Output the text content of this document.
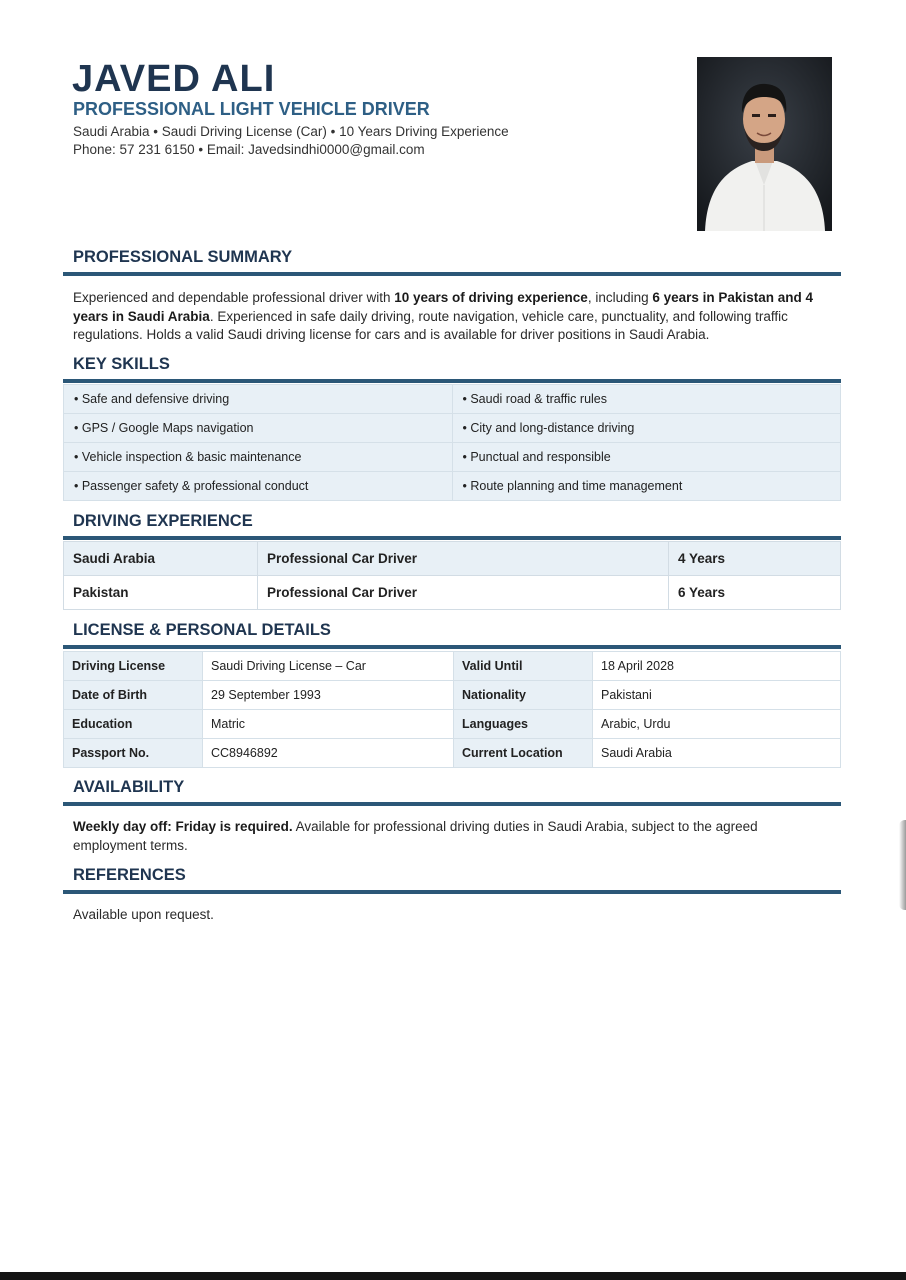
JAVED ALI
PROFESSIONAL LIGHT VEHICLE DRIVER
Saudi Arabia • Saudi Driving License (Car) • 10 Years Driving Experience
Phone: 57 231 6150 • Email: Javedsindhi0000@gmail.com
PROFESSIONAL SUMMARY
Experienced and dependable professional driver with 10 years of driving experience, including 6 years in Pakistan and 4 years in Saudi Arabia. Experienced in safe daily driving, route navigation, vehicle care, punctuality, and following traffic regulations. Holds a valid Saudi driving license for cars and is available for driver positions in Saudi Arabia.
KEY SKILLS
• Safe and defensive driving	• Saudi road & traffic rules
• GPS / Google Maps navigation	• City and long-distance driving
• Vehicle inspection & basic maintenance	• Punctual and responsible
• Passenger safety & professional conduct	• Route planning and time management
DRIVING EXPERIENCE
Saudi Arabia	Professional Car Driver	4 Years
Pakistan	Professional Car Driver	6 Years
LICENSE & PERSONAL DETAILS
Driving License	Saudi Driving License – Car	Valid Until	18 April 2028
Date of Birth	29 September 1993	Nationality	Pakistani
Education	Matric	Languages	Arabic, Urdu
Passport No.	CC8946892	Current Location	Saudi Arabia
AVAILABILITY
Weekly day off: Friday is required. Available for professional driving duties in Saudi Arabia, subject to the agreed employment terms.
REFERENCES
Available upon request.
